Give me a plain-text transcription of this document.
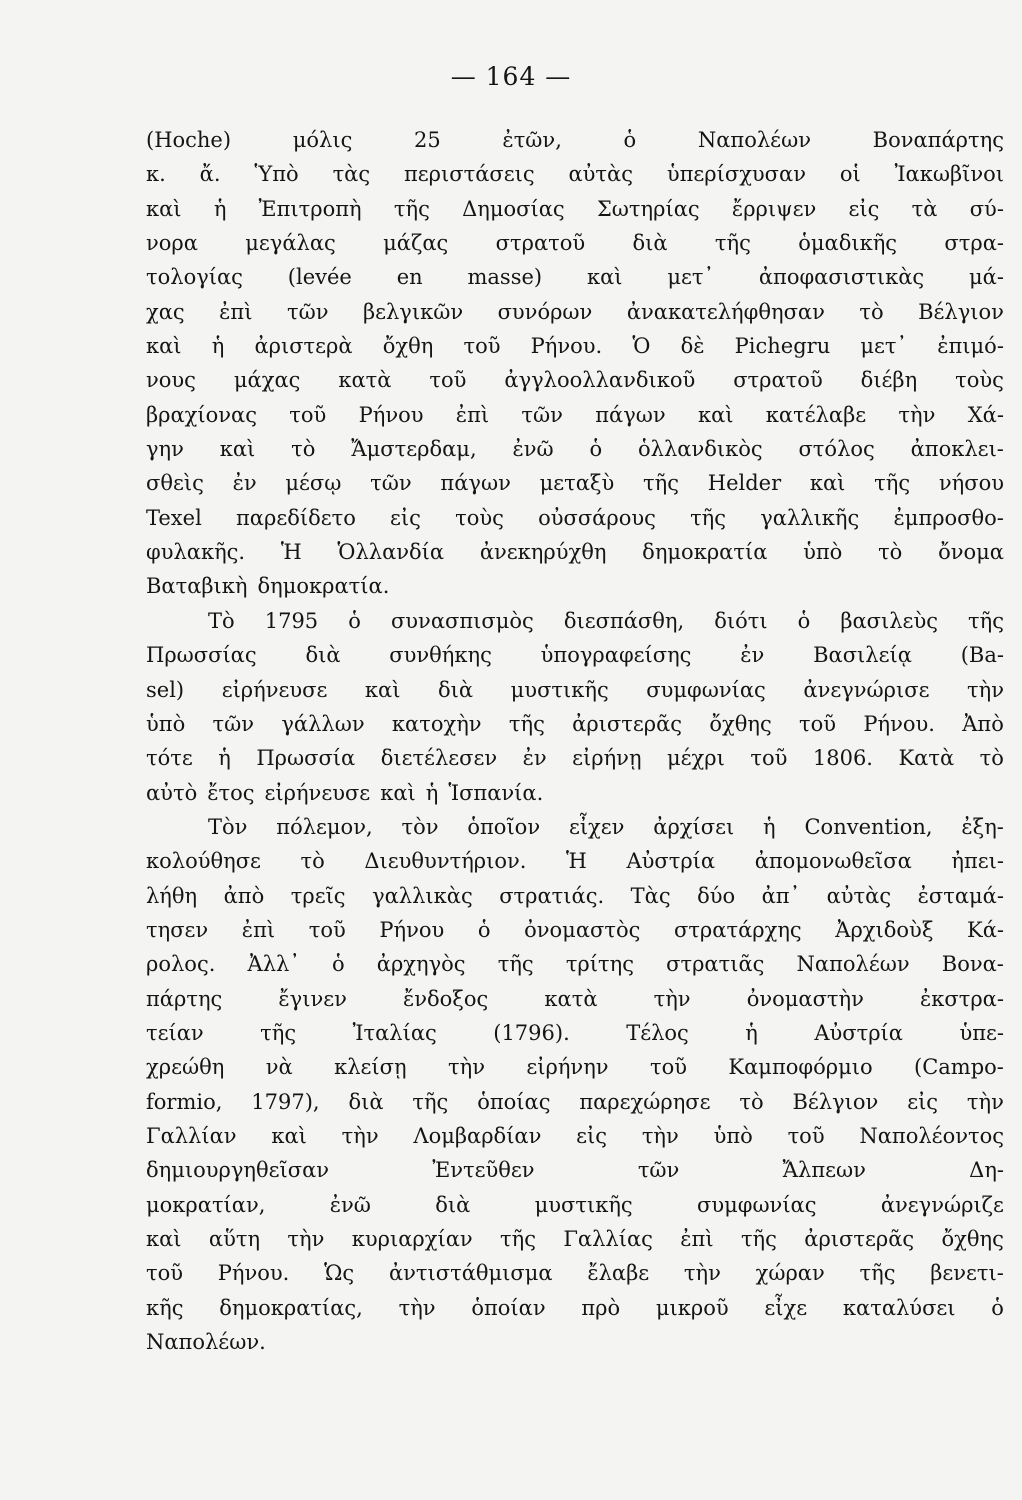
— 164 —
(Hoche)	μόλις	25	ἐτῶν,	ὁ	Ναπολέων	Βοναπάρτης
κ. ἄ. Ὑπὸ τὰς περιστάσεις αὐτὰς ὑπερίσχυσαν οἱ Ἰακωβῖνοι
καὶ ἡ Ἐπιτροπὴ τῆς Δημοσίας Σωτηρίας ἔρριψεν εἰς τὰ σύ-
νορα μεγάλας μάζας στρατοῦ διὰ τῆς ὁμαδικῆς στρα-
τολογίας (levée en masse) καὶ μετ᾽ ἀποφασιστικὰς μά-
χας ἐπὶ τῶν βελγικῶν συνόρων ἀνακατελήφθησαν τὸ Βέλγιον
καὶ ἡ ἀριστερὰ ὄχθη τοῦ Ρήνου. Ὁ δὲ Pichegru μετ᾽ ἐπιμό-
νους μάχας κατὰ τοῦ ἀγγλοολλανδικοῦ στρατοῦ διέβη τοὺς
βραχίονας τοῦ Ρήνου ἐπὶ τῶν πάγων καὶ κατέλαβε τὴν Χά-
γην καὶ τὸ Ἄμστερδαμ, ἐνῶ ὁ ὁλλανδικὸς στόλος ἀποκλει-
σθεὶς ἐν μέσῳ τῶν πάγων μεταξὺ τῆς Helder καὶ τῆς νήσου
Texel παρεδίδετο εἰς τοὺς οὐσσάρους τῆς γαλλικῆς ἐμπροσθο-
φυλακῆς. Ἡ Ὁλλανδία ἀνεκηρύχθη δημοκρατία ὑπὸ τὸ ὄνομα
Βαταβικὴ δημοκρατία.
Τὸ 1795 ὁ συνασπισμὸς διεσπάσθη, διότι ὁ βασιλεὺς τῆς
Πρωσσίας διὰ συνθήκης ὑπογραφείσης ἐν Βασιλείᾳ (Ba-
sel) εἰρήνευσε καὶ διὰ μυστικῆς συμφωνίας ἀνεγνώρισε τὴν
ὑπὸ τῶν γάλλων κατοχὴν τῆς ἀριστερᾶς ὄχθης τοῦ Ρήνου. Ἀπὸ
τότε ἡ Πρωσσία διετέλεσεν ἐν εἰρήνῃ μέχρι τοῦ 1806. Κατὰ τὸ
αὐτὸ ἔτος εἰρήνευσε καὶ ἡ Ἱσπανία.
Τὸν πόλεμον, τὸν ὁποῖον εἶχεν ἀρχίσει ἡ Convention, ἐξη-
κολούθησε τὸ Διευθυντήριον. Ἡ Αὐστρία ἀπομονωθεῖσα ἠπει-
λήθη ἀπὸ τρεῖς γαλλικὰς στρατιάς. Τὰς δύο ἀπ᾽ αὐτὰς ἐσταμά-
τησεν ἐπὶ τοῦ Ρήνου ὁ ὀνομαστὸς στρατάρχης Ἀρχιδοὺξ Κά-
ρολος. Ἀλλ᾽ ὁ ἀρχηγὸς τῆς τρίτης στρατιᾶς Ναπολέων Βονα-
πάρτης	ἔγινεν	ἔνδοξος	κατὰ	τὴν	ὀνομαστὴν	ἐκστρα-
τείαν	τῆς	Ἰταλίας	(1796).	Τέλος	ἡ	Αὐστρία	ὑπε-
χρεώθη νὰ κλείσῃ τὴν εἰρήνην τοῦ Καμποφόρμιο (Campo-
formio, 1797), διὰ τῆς ὁποίας παρεχώρησε τὸ Βέλγιον εἰς τὴν
Γαλλίαν καὶ τὴν Λομβαρδίαν εἰς τὴν ὑπὸ τοῦ Ναπολέοντος
δημιουργηθεῖσαν	Ἐντεῦθεν	τῶν	Ἄλπεων	Δη-
μοκρατίαν,	ἐνῶ	διὰ	μυστικῆς	συμφωνίας	ἀνεγνώριζε
καὶ αὕτη τὴν κυριαρχίαν τῆς Γαλλίας ἐπὶ τῆς ἀριστερᾶς ὄχθης
τοῦ Ρήνου. Ὡς ἀντιστάθμισμα ἔλαβε τὴν χώραν τῆς βενετι-
κῆς δημοκρατίας, τὴν ὁποίαν πρὸ μικροῦ εἶχε καταλύσει ὁ
Ναπολέων.
